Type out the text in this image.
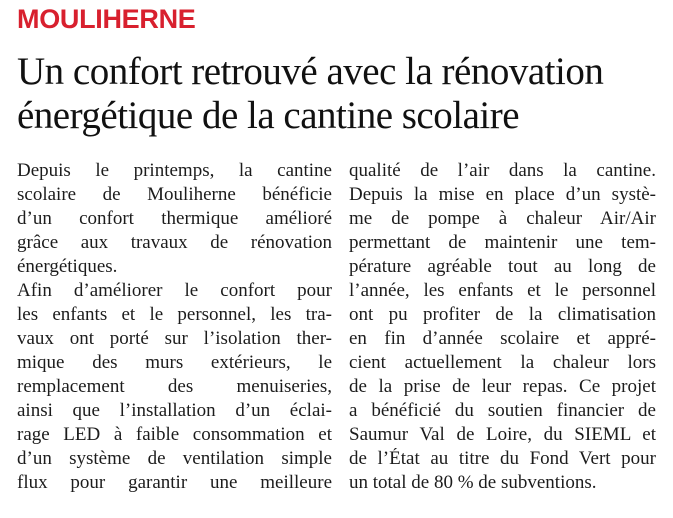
MOULIHERNE
Un confort retrouvé avec la rénovation
énergétique de la cantine scolaire
Depuis le printemps, la cantine
scolaire de Mouliherne bénéficie
d’un confort thermique amélioré
grâce aux travaux de rénovation
énergétiques.
Afin d’améliorer le confort pour
les enfants et le personnel, les tra-
vaux ont porté sur l’isolation ther-
mique des murs extérieurs, le
remplacement des menuiseries,
ainsi que l’installation d’un éclai-
rage LED à faible consommation et
d’un système de ventilation simple
flux pour garantir une meilleure
qualité de l’air dans la cantine.
Depuis la mise en place d’un systè-
me de pompe à chaleur Air/Air
permettant de maintenir une tem-
pérature agréable tout au long de
l’année, les enfants et le personnel
ont pu profiter de la climatisation
en fin d’année scolaire et appré-
cient actuellement la chaleur lors
de la prise de leur repas. Ce projet
a bénéficié du soutien financier de
Saumur Val de Loire, du SIEML et
de l’État au titre du Fond Vert pour
un total de 80 % de subventions.
